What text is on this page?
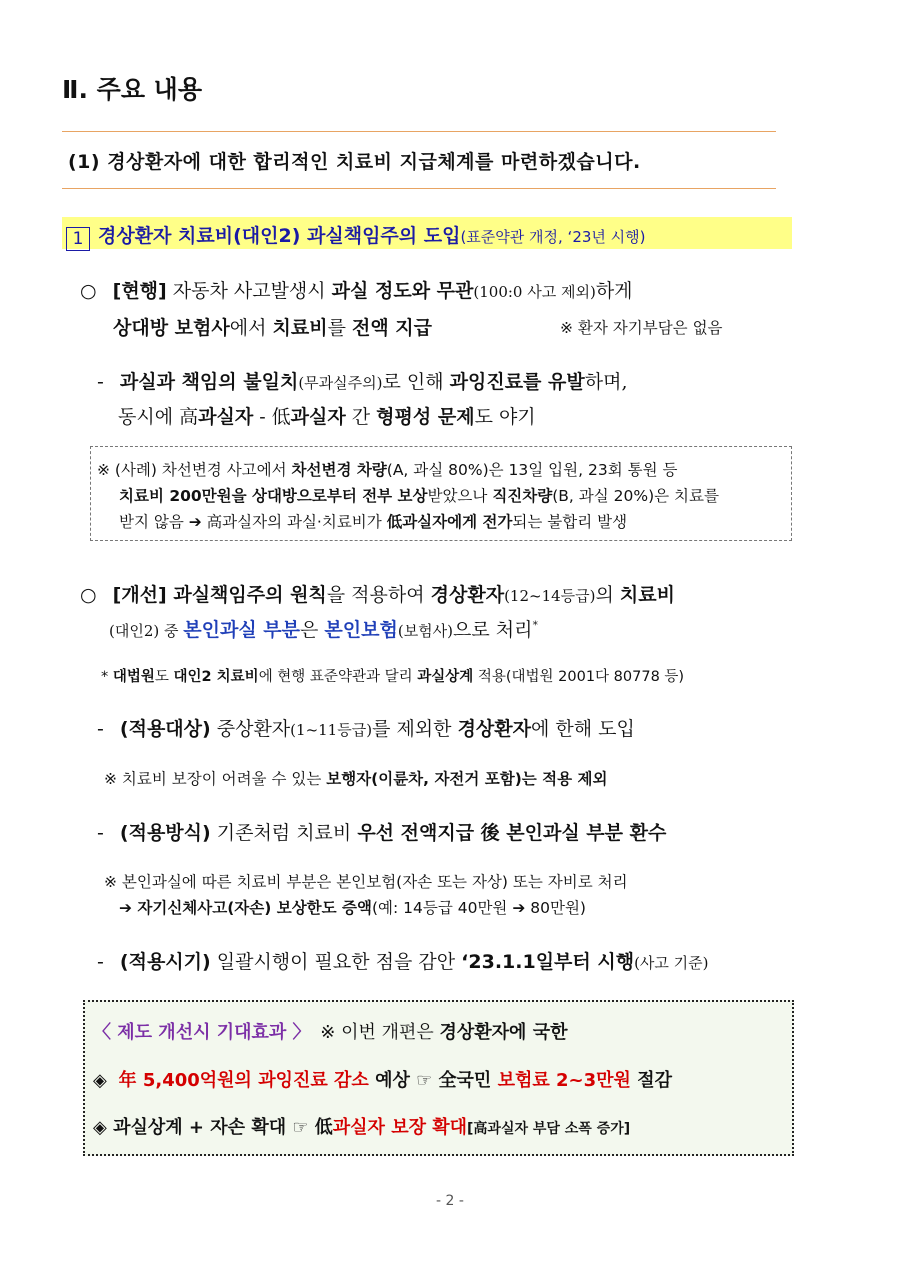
Ⅱ. 주요 내용
(1) 경상환자에 대한 합리적인 치료비 지급체계를 마련하겠습니다.
1 경상환자 치료비(대인2) 과실책임주의 도입(표준약관 개정, ‘23년 시행)
○ [현행] 자동차 사고발생시 과실 정도와 무관(100:0 사고 제외)하게
상대방 보험사에서 치료비를 전액 지급	※ 환자 자기부담은 없음
- 과실과 책임의 불일치(무과실주의)로 인해 과잉진료를 유발하며,
동시에 高과실자 - 低과실자 간 형평성 문제도 야기
※ (사례) 차선변경 사고에서 차선변경 차량(A, 과실 80%)은 13일 입원, 23회 통원 등
치료비 200만원을 상대방으로부터 전부 보상받았으나 직진차량(B, 과실 20%)은 치료를
받지 않음 ➔ 高과실자의 과실·치료비가 低과실자에게 전가되는 불합리 발생
○ [개선] 과실책임주의 원칙을 적용하여 경상환자(12~14등급)의 치료비
(대인2) 중 본인과실 부분은 본인보험(보험사)으로 처리*
* 대법원도 대인2 치료비에 현행 표준약관과 달리 과실상계 적용(대법원 2001다 80778 등)
- (적용대상) 중상환자(1~11등급)를 제외한 경상환자에 한해 도입
※ 치료비 보장이 어려울 수 있는 보행자(이륜차, 자전거 포함)는 적용 제외
- (적용방식) 기존처럼 치료비 우선 전액지급 後 본인과실 부분 환수
※ 본인과실에 따른 치료비 부분은 본인보험(자손 또는 자상) 또는 자비로 처리
➔ 자기신체사고(자손) 보상한도 증액(예: 14등급 40만원 ➔ 80만원)
- (적용시기) 일괄시행이 필요한 점을 감안 ‘23.1.1일부터 시행(사고 기준)
〈 제도 개선시 기대효과 〉 ※ 이번 개편은 경상환자에 국한
◈ 年 5,400억원의 과잉진료 감소 예상 ☞ 全국민 보험료 2~3만원 절감
◈ 과실상계 + 자손 확대 ☞ 低과실자 보장 확대[高과실자 부담 소폭 증가]
- 2 -
